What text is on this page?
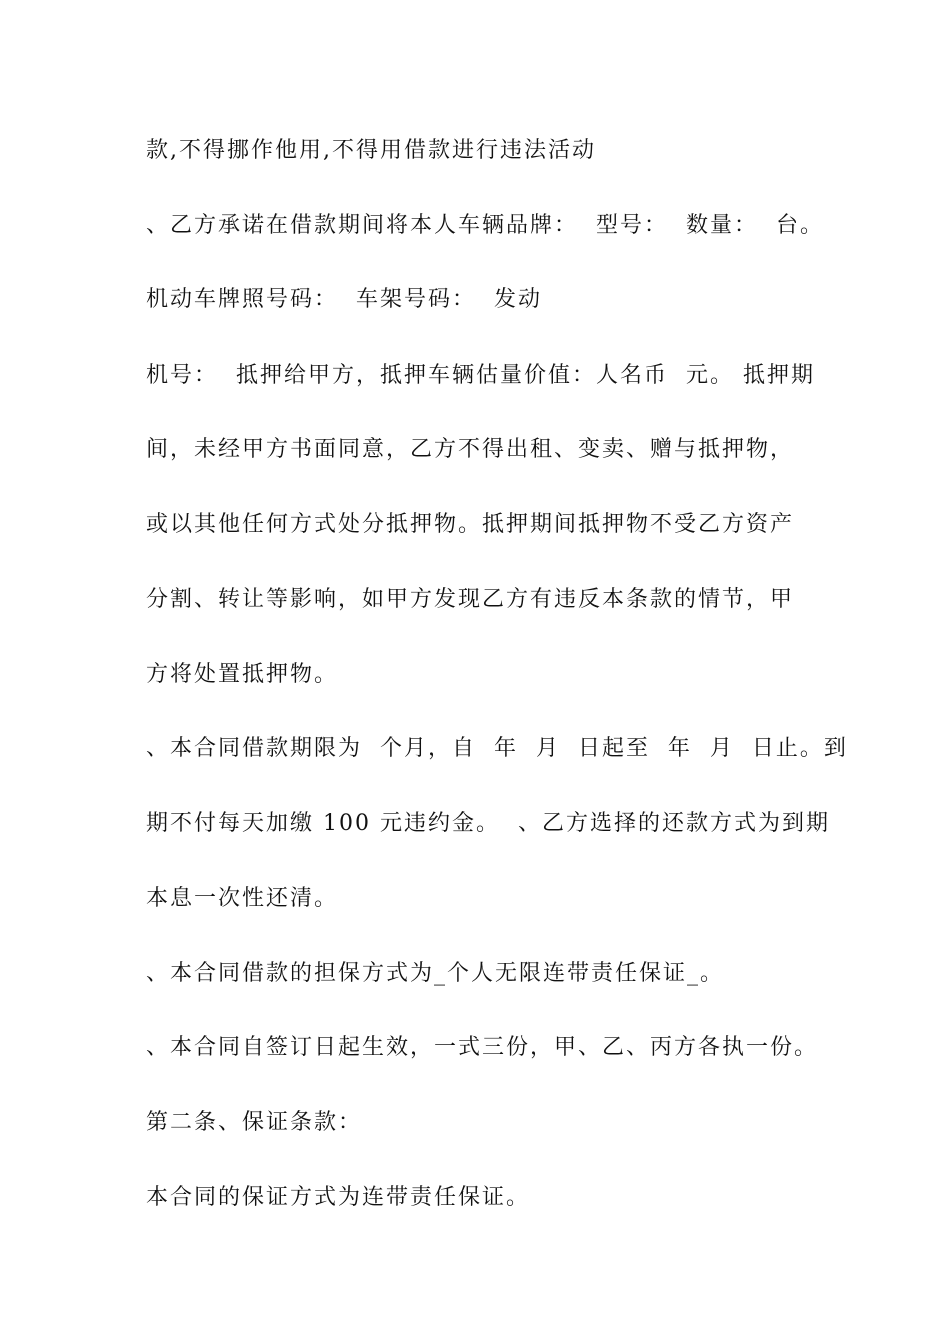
款,不得挪作他用,不得用借款进行违法活动
、乙方承诺在借款期间将本人车辆品牌：  型号：  数量：  台。
机动车牌照号码：  车架号码：  发动
机号：  抵押给甲方，抵押车辆估量价值：人名币  元。 抵押期
间，未经甲方书面同意，乙方不得出租、变卖、赠与抵押物，
或以其他任何方式处分抵押物。抵押期间抵押物不受乙方资产
分割、转让等影响，如甲方发现乙方有违反本条款的情节，甲
方将处置抵押物。
、本合同借款期限为  个月，自  年  月  日起至  年  月  日止。到
期不付每天加缴 100 元违约金。  、乙方选择的还款方式为到期
本息一次性还清。
、本合同借款的担保方式为_个人无限连带责任保证_。
、本合同自签订日起生效，一式三份，甲、乙、丙方各执一份。
第二条、保证条款：
本合同的保证方式为连带责任保证。
